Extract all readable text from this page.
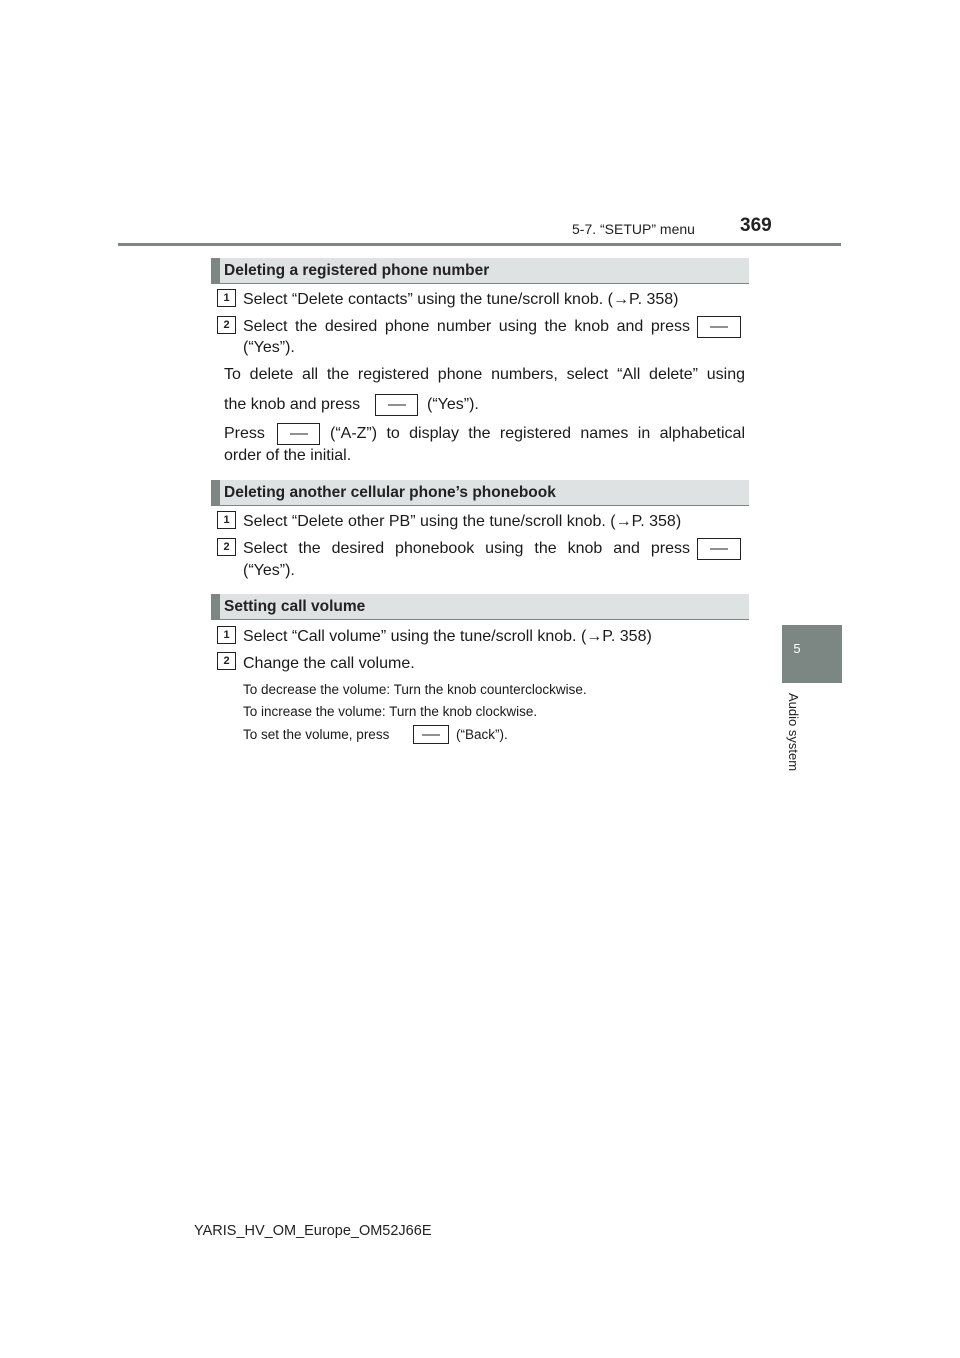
5-7. “SETUP” menu 369
5
Audio system
Deleting a registered phone number
1 Select “Delete contacts” using the tune/scroll knob. (→P. 358)
2 Select the desired phone number using the knob and press
(“Yes”).
To delete all the registered phone numbers, select “All delete” using
the knob and press	(“Yes”).
Press	(“A-Z”) to display the registered names in alphabetical
order of the initial.
Deleting another cellular phone’s phonebook
1 Select “Delete other PB” using the tune/scroll knob. (→P. 358)
2 Select the desired phonebook using the knob and press
(“Yes”).
Setting call volume
1 Select “Call volume” using the tune/scroll knob. (→P. 358)
2 Change the call volume.
To decrease the volume: Turn the knob counterclockwise.
To increase the volume: Turn the knob clockwise.
To set the volume, press	(“Back”).
YARIS_HV_OM_Europe_OM52J66E
